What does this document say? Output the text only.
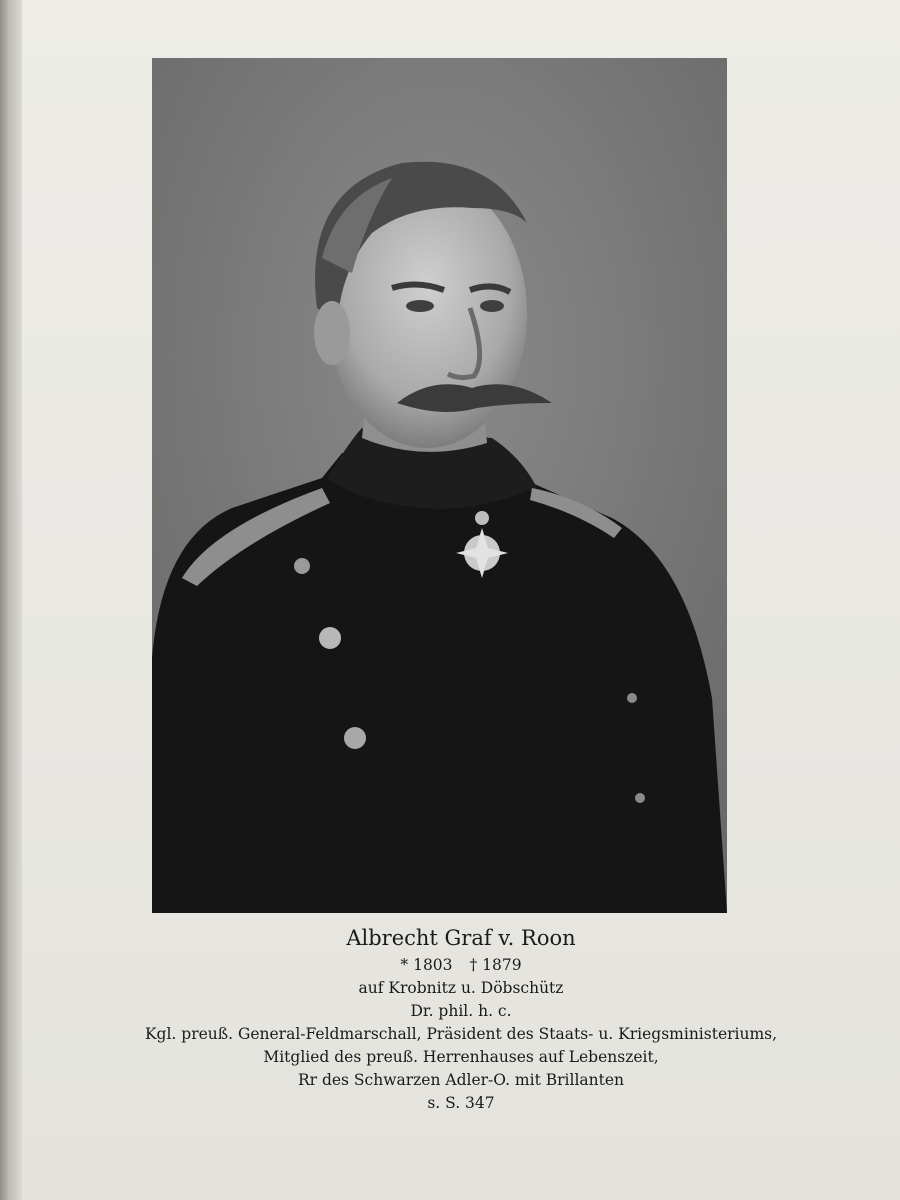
Albrecht Graf v. Roon
* 1803 † 1879
auf Krobnitz u. Döbschütz
Dr. phil. h. c.
Kgl. preuß. General-Feldmarschall, Präsident des Staats- u. Kriegsministeriums,
Mitglied des preuß. Herrenhauses auf Lebenszeit,
Rr des Schwarzen Adler-O. mit Brillanten
s. S. 347
